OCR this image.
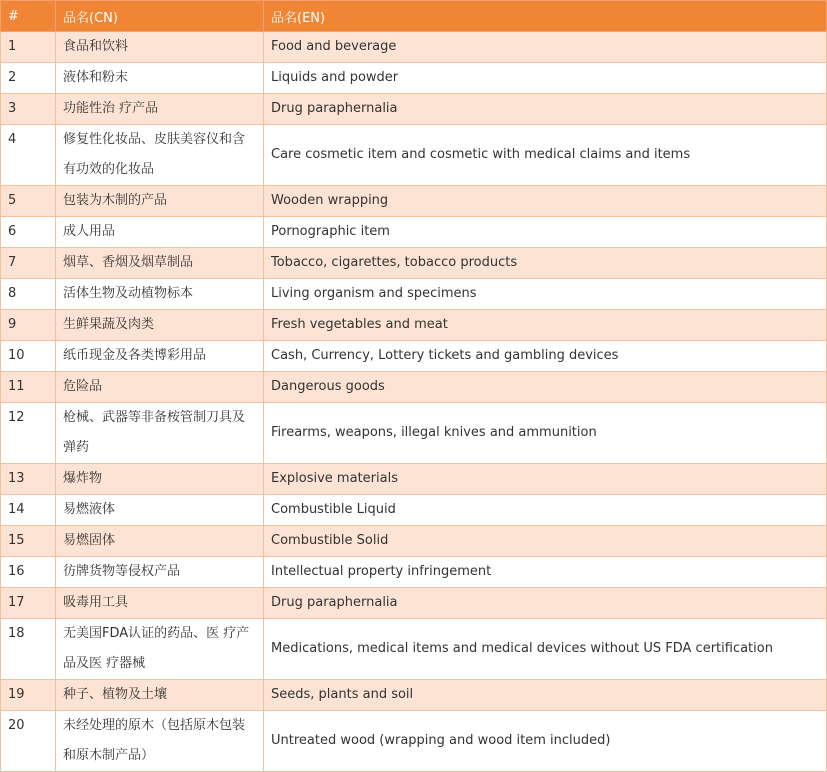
#	品名(CN)	品名(EN)
1	食品和饮料	Food and beverage
2	液体和粉末	Liquids and powder
3	功能性治 疗产品	Drug paraphernalia
4	修复性化妆品、皮肤美容仪和含有功效的化妆品	Care cosmetic item and cosmetic with medical claims and items
5	包装为木制的产品	Wooden wrapping
6	成人用品	Pornographic item
7	烟草、香烟及烟草制品	Tobacco, cigarettes, tobacco products
8	活体生物及动植物标本	Living organism and specimens
9	生鲜果蔬及肉类	Fresh vegetables and meat
10	纸币现金及各类博彩用品	Cash, Currency, Lottery tickets and gambling devices
11	危险品	Dangerous goods
12	枪械、武器等非备桉管制刀具及弹药	Firearms, weapons, illegal knives and ammunition
13	爆炸物	Explosive materials
14	易燃液体	Combustible Liquid
15	易燃固体	Combustible Solid
16	彷牌货物等侵权产品	Intellectual property infringement
17	吸毒用工具	Drug paraphernalia
18	无美国FDA认证的药品、医 疗产品及医 疗器械	Medications, medical items and medical devices without US FDA certification
19	种子、植物及土壤	Seeds, plants and soil
20	未经处理的原木（包括原木包装和原木制产品）	Untreated wood (wrapping and wood item included)
